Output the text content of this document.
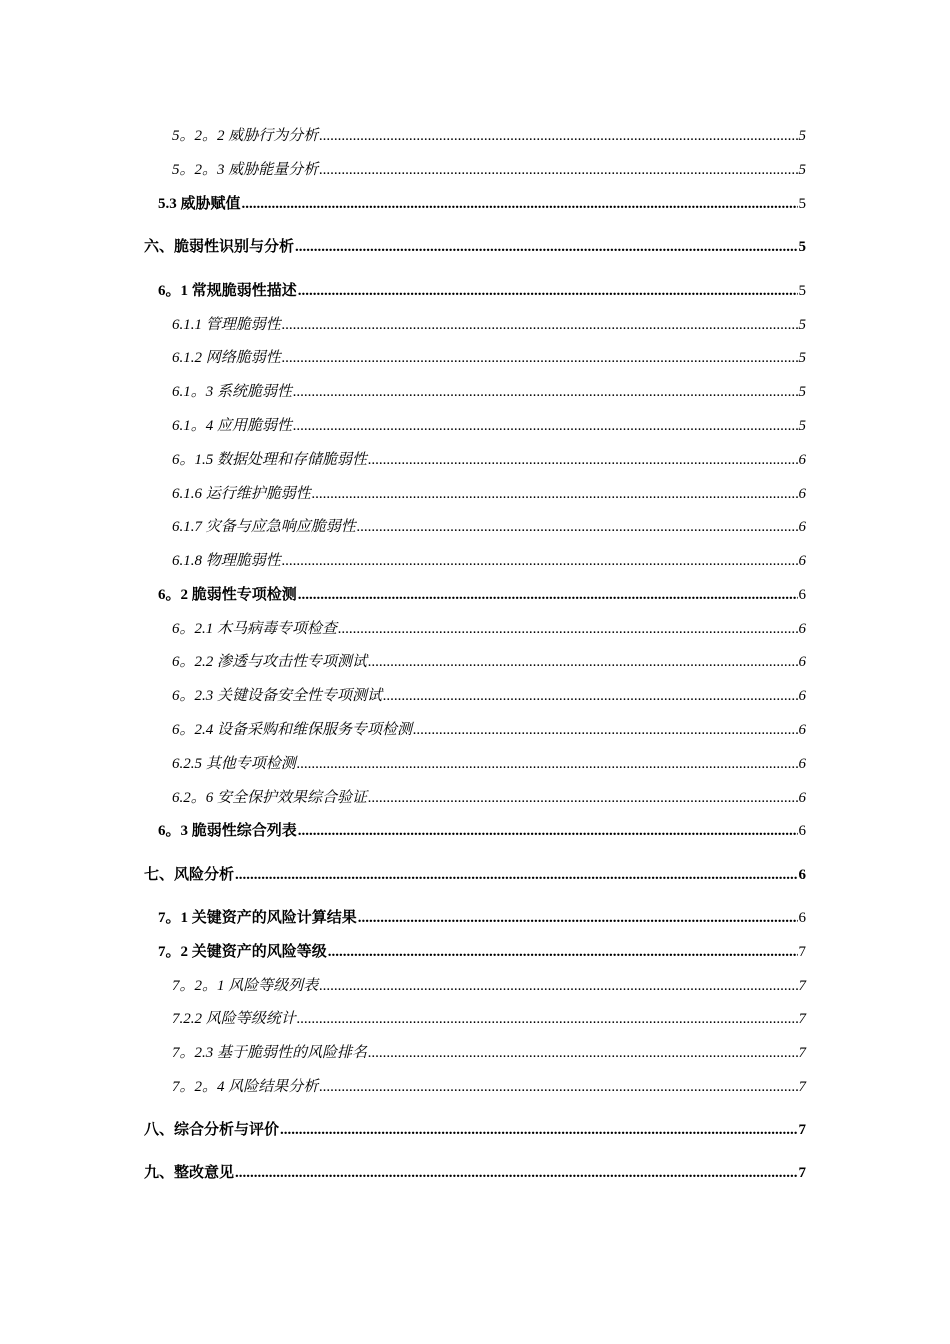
5。2。2 威胁行为分析 .....	5
5。2。3 威胁能量分析 .....	5
5.3 威胁赋值 .....	5
六、脆弱性识别与分析 .....	5
6。1 常规脆弱性描述 .....	5
6.1.1 管理脆弱性 .....	5
6.1.2 网络脆弱性 .....	5
6.1。3 系统脆弱性 .....	5
6.1。4 应用脆弱性 .....	5
6。1.5 数据处理和存储脆弱性 .....	6
6.1.6 运行维护脆弱性 .....	6
6.1.7 灾备与应急响应脆弱性 .....	6
6.1.8 物理脆弱性 .....	6
6。2 脆弱性专项检测 .....	6
6。2.1 木马病毒专项检查 .....	6
6。2.2 渗透与攻击性专项测试 .....	6
6。2.3 关键设备安全性专项测试 .....	6
6。2.4 设备采购和维保服务专项检测 .....	6
6.2.5 其他专项检测 .....	6
6.2。6 安全保护效果综合验证 .....	6
6。3 脆弱性综合列表 .....	6
七、风险分析 .....	6
7。1 关键资产的风险计算结果 .....	6
7。2 关键资产的风险等级 .....	7
7。2。1 风险等级列表 .....	7
7.2.2 风险等级统计 .....	7
7。2.3 基于脆弱性的风险排名 .....	7
7。2。4 风险结果分析 .....	7
八、综合分析与评价 .....	7
九、整改意见 .....	7
